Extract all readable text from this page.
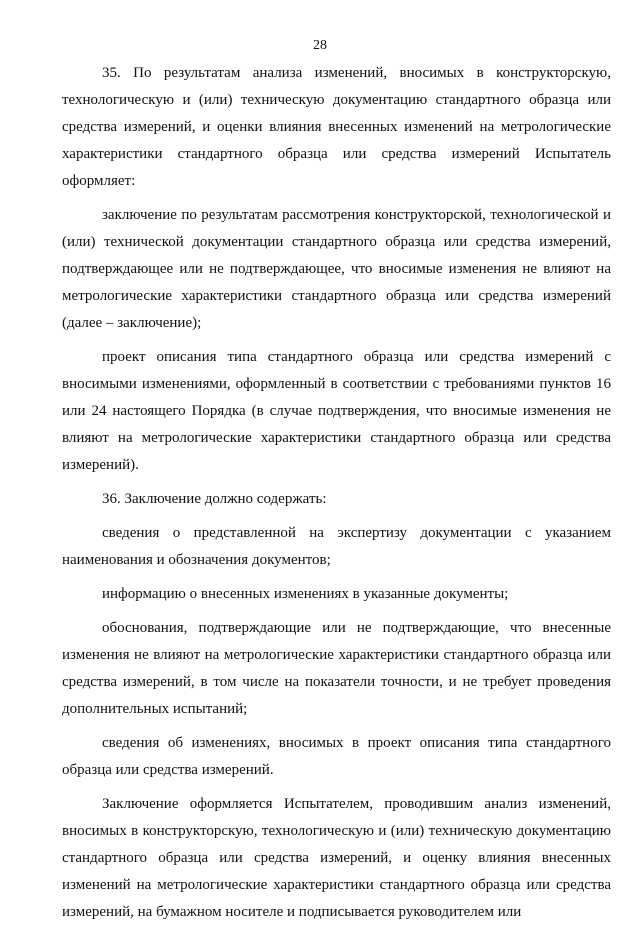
28

35. По результатам анализа изменений, вносимых в конструкторскую, технологическую и (или) техническую документацию стандартного образца или средства измерений, и оценки влияния внесенных изменений на метрологические характеристики стандартного образца или средства измерений Испытатель оформляет:

заключение по результатам рассмотрения конструкторской, технологической и (или) технической документации стандартного образца или средства измерений, подтверждающее или не подтверждающее, что вносимые изменения не влияют на метрологические характеристики стандартного образца или средства измерений (далее – заключение);

проект описания типа стандартного образца или средства измерений с вносимыми изменениями, оформленный в соответствии с требованиями пунктов 16 или 24 настоящего Порядка (в случае подтверждения, что вносимые изменения не влияют на метрологические характеристики стандартного образца или средства измерений).

36. Заключение должно содержать:

сведения о представленной на экспертизу документации с указанием наименования и обозначения документов;

информацию о внесенных изменениях в указанные документы;

обоснования, подтверждающие или не подтверждающие, что внесенные изменения не влияют на метрологические характеристики стандартного образца или средства измерений, в том числе на показатели точности, и не требует проведения дополнительных испытаний;

сведения об изменениях, вносимых в проект описания типа стандартного образца или средства измерений.

Заключение оформляется Испытателем, проводившим анализ изменений, вносимых в конструкторскую, технологическую и (или) техническую документацию стандартного образца или средства измерений, и оценку влияния внесенных изменений на метрологические характеристики стандартного образца или средства измерений, на бумажном носителе и подписывается руководителем или
